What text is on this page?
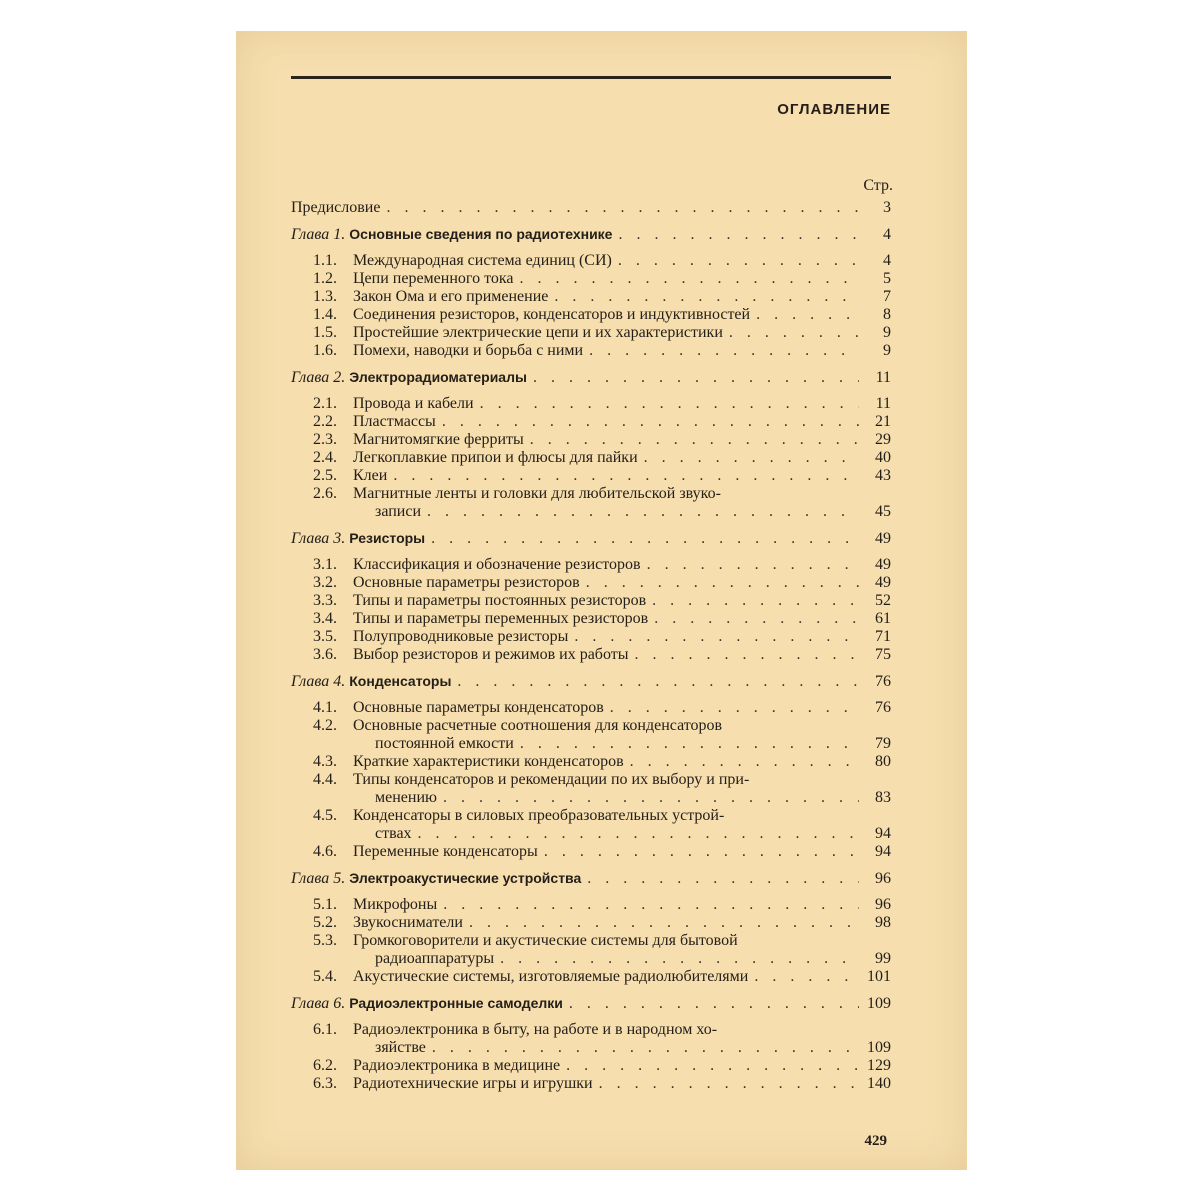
ОГЛАВЛЕНИЕ
Стр.
Предисловие . . .	3
Глава 1. Основные сведения по радиотехнике . . .	4
1.1. Международная система единиц (СИ) . . .	4
1.2. Цепи переменного тока . . .	5
1.3. Закон Ома и его применение . . .	7
1.4. Соединения резисторов, конденсаторов и индуктивностей . . .	8
1.5. Простейшие электрические цепи и их характеристики . . .	9
1.6. Помехи, наводки и борьба с ними . . .	9
Глава 2. Электрорадиоматериалы . . .	11
2.1. Провода и кабели . . .	11
2.2. Пластмассы . . .	21
2.3. Магнитомягкие ферриты . . .	29
2.4. Легкоплавкие припои и флюсы для пайки . . .	40
2.5. Клеи . . .	43
2.6.	Магнитные ленты и головки для любительской звуко-
записи . . .	45
Глава 3. Резисторы . . .	49
3.1. Классификация и обозначение резисторов . . .	49
3.2. Основные параметры резисторов . . .	49
3.3. Типы и параметры постоянных резисторов . . .	52
3.4. Типы и параметры переменных резисторов . . .	61
3.5. Полупроводниковые резисторы . . .	71
3.6. Выбор резисторов и режимов их работы . . .	75
Глава 4. Конденсаторы . . .	76
4.1. Основные параметры конденсаторов . . .	76
4.2.	Основные расчетные соотношения для конденсаторов
постоянной емкости . . .	79
4.3. Краткие характеристики конденсаторов . . .	80
4.4.	Типы конденсаторов и рекомендации по их выбору и при-
менению . . .	83
4.5.	Конденсаторы в силовых преобразовательных устрой-
ствах . . .	94
4.6. Переменные конденсаторы . . .	94
Глава 5. Электроакустические устройства . . .	96
5.1. Микрофоны . . .	96
5.2. Звукосниматели . . .	98
5.3.	Громкоговорители и акустические системы для бытовой
радиоаппаратуры . . .	99
5.4. Акустические системы, изготовляемые радиолюбителями . . .	101
Глава 6. Радиоэлектронные самоделки . . .	109
6.1.	Радиоэлектроника в быту, на работе и в народном хо-
зяйстве . . .	109
6.2. Радиоэлектроника в медицине . . .	129
6.3. Радиотехнические игры и игрушки . . .	140
429
